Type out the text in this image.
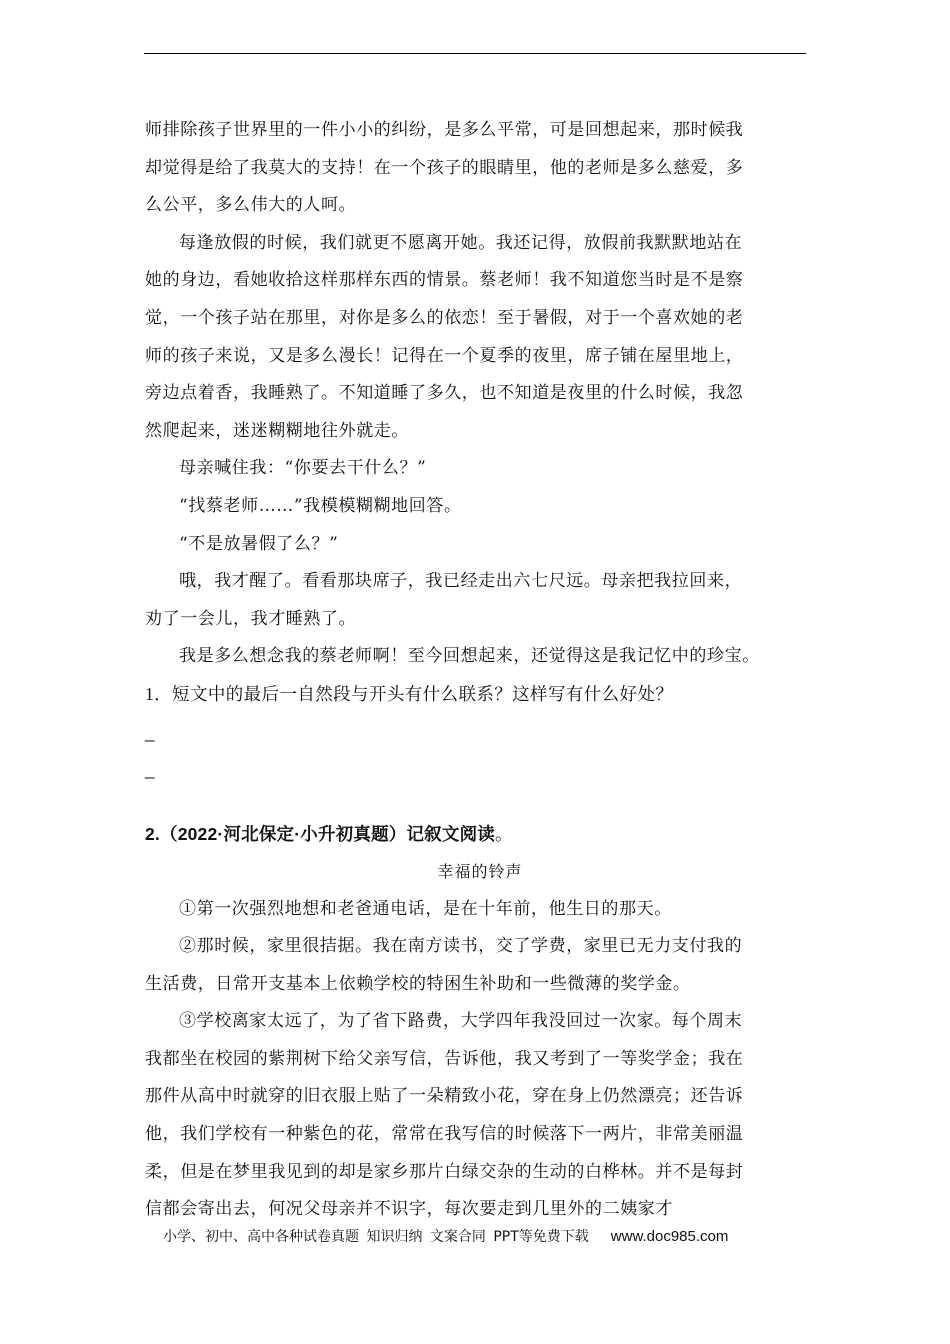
师排除孩子世界里的一件小小的纠纷，是多么平常，可是回想起来，那时候我
却觉得是给了我莫大的支持！在一个孩子的眼睛里，他的老师是多么慈爱，多
么公平，多么伟大的人呵。
每逢放假的时候，我们就更不愿离开她。我还记得，放假前我默默地站在
她的身边，看她收拾这样那样东西的情景。蔡老师！我不知道您当时是不是察
觉，一个孩子站在那里，对你是多么的依恋！至于暑假，对于一个喜欢她的老
师的孩子来说，又是多么漫长！记得在一个夏季的夜里，席子铺在屋里地上，
旁边点着香，我睡熟了。不知道睡了多久，也不知道是夜里的什么时候，我忽
然爬起来，迷迷糊糊地往外就走。
母亲喊住我：“你要去干什么？”
“找蔡老师……”我模模糊糊地回答。
“不是放暑假了么？”
哦，我才醒了。看看那块席子，我已经走出六七尺远。母亲把我拉回来，
劝了一会儿，我才睡熟了。
我是多么想念我的蔡老师啊！至今回想起来，还觉得这是我记忆中的珍宝。
1．短文中的最后一自然段与开头有什么联系？这样写有什么好处？
_
_
2.（2022·河北保定·小升初真题）记叙文阅读。
幸福的铃声
①第一次强烈地想和老爸通电话，是在十年前，他生日的那天。
②那时候，家里很拮据。我在南方读书，交了学费，家里已无力支付我的
生活费，日常开支基本上依赖学校的特困生补助和一些微薄的奖学金。
③学校离家太远了，为了省下路费，大学四年我没回过一次家。每个周末
我都坐在校园的紫荆树下给父亲写信，告诉他，我又考到了一等奖学金；我在
那件从高中时就穿的旧衣服上贴了一朵精致小花，穿在身上仍然漂亮；还告诉
他，我们学校有一种紫色的花，常常在我写信的时候落下一两片，非常美丽温
柔，但是在梦里我见到的却是家乡那片白绿交杂的生动的白桦林。并不是每封
信都会寄出去，何况父母亲并不识字，每次要走到几里外的二姨家才
小学、初中、高中各种试卷真题 知识归纳 文案合同 PPT等免费下载 www.doc985.com
